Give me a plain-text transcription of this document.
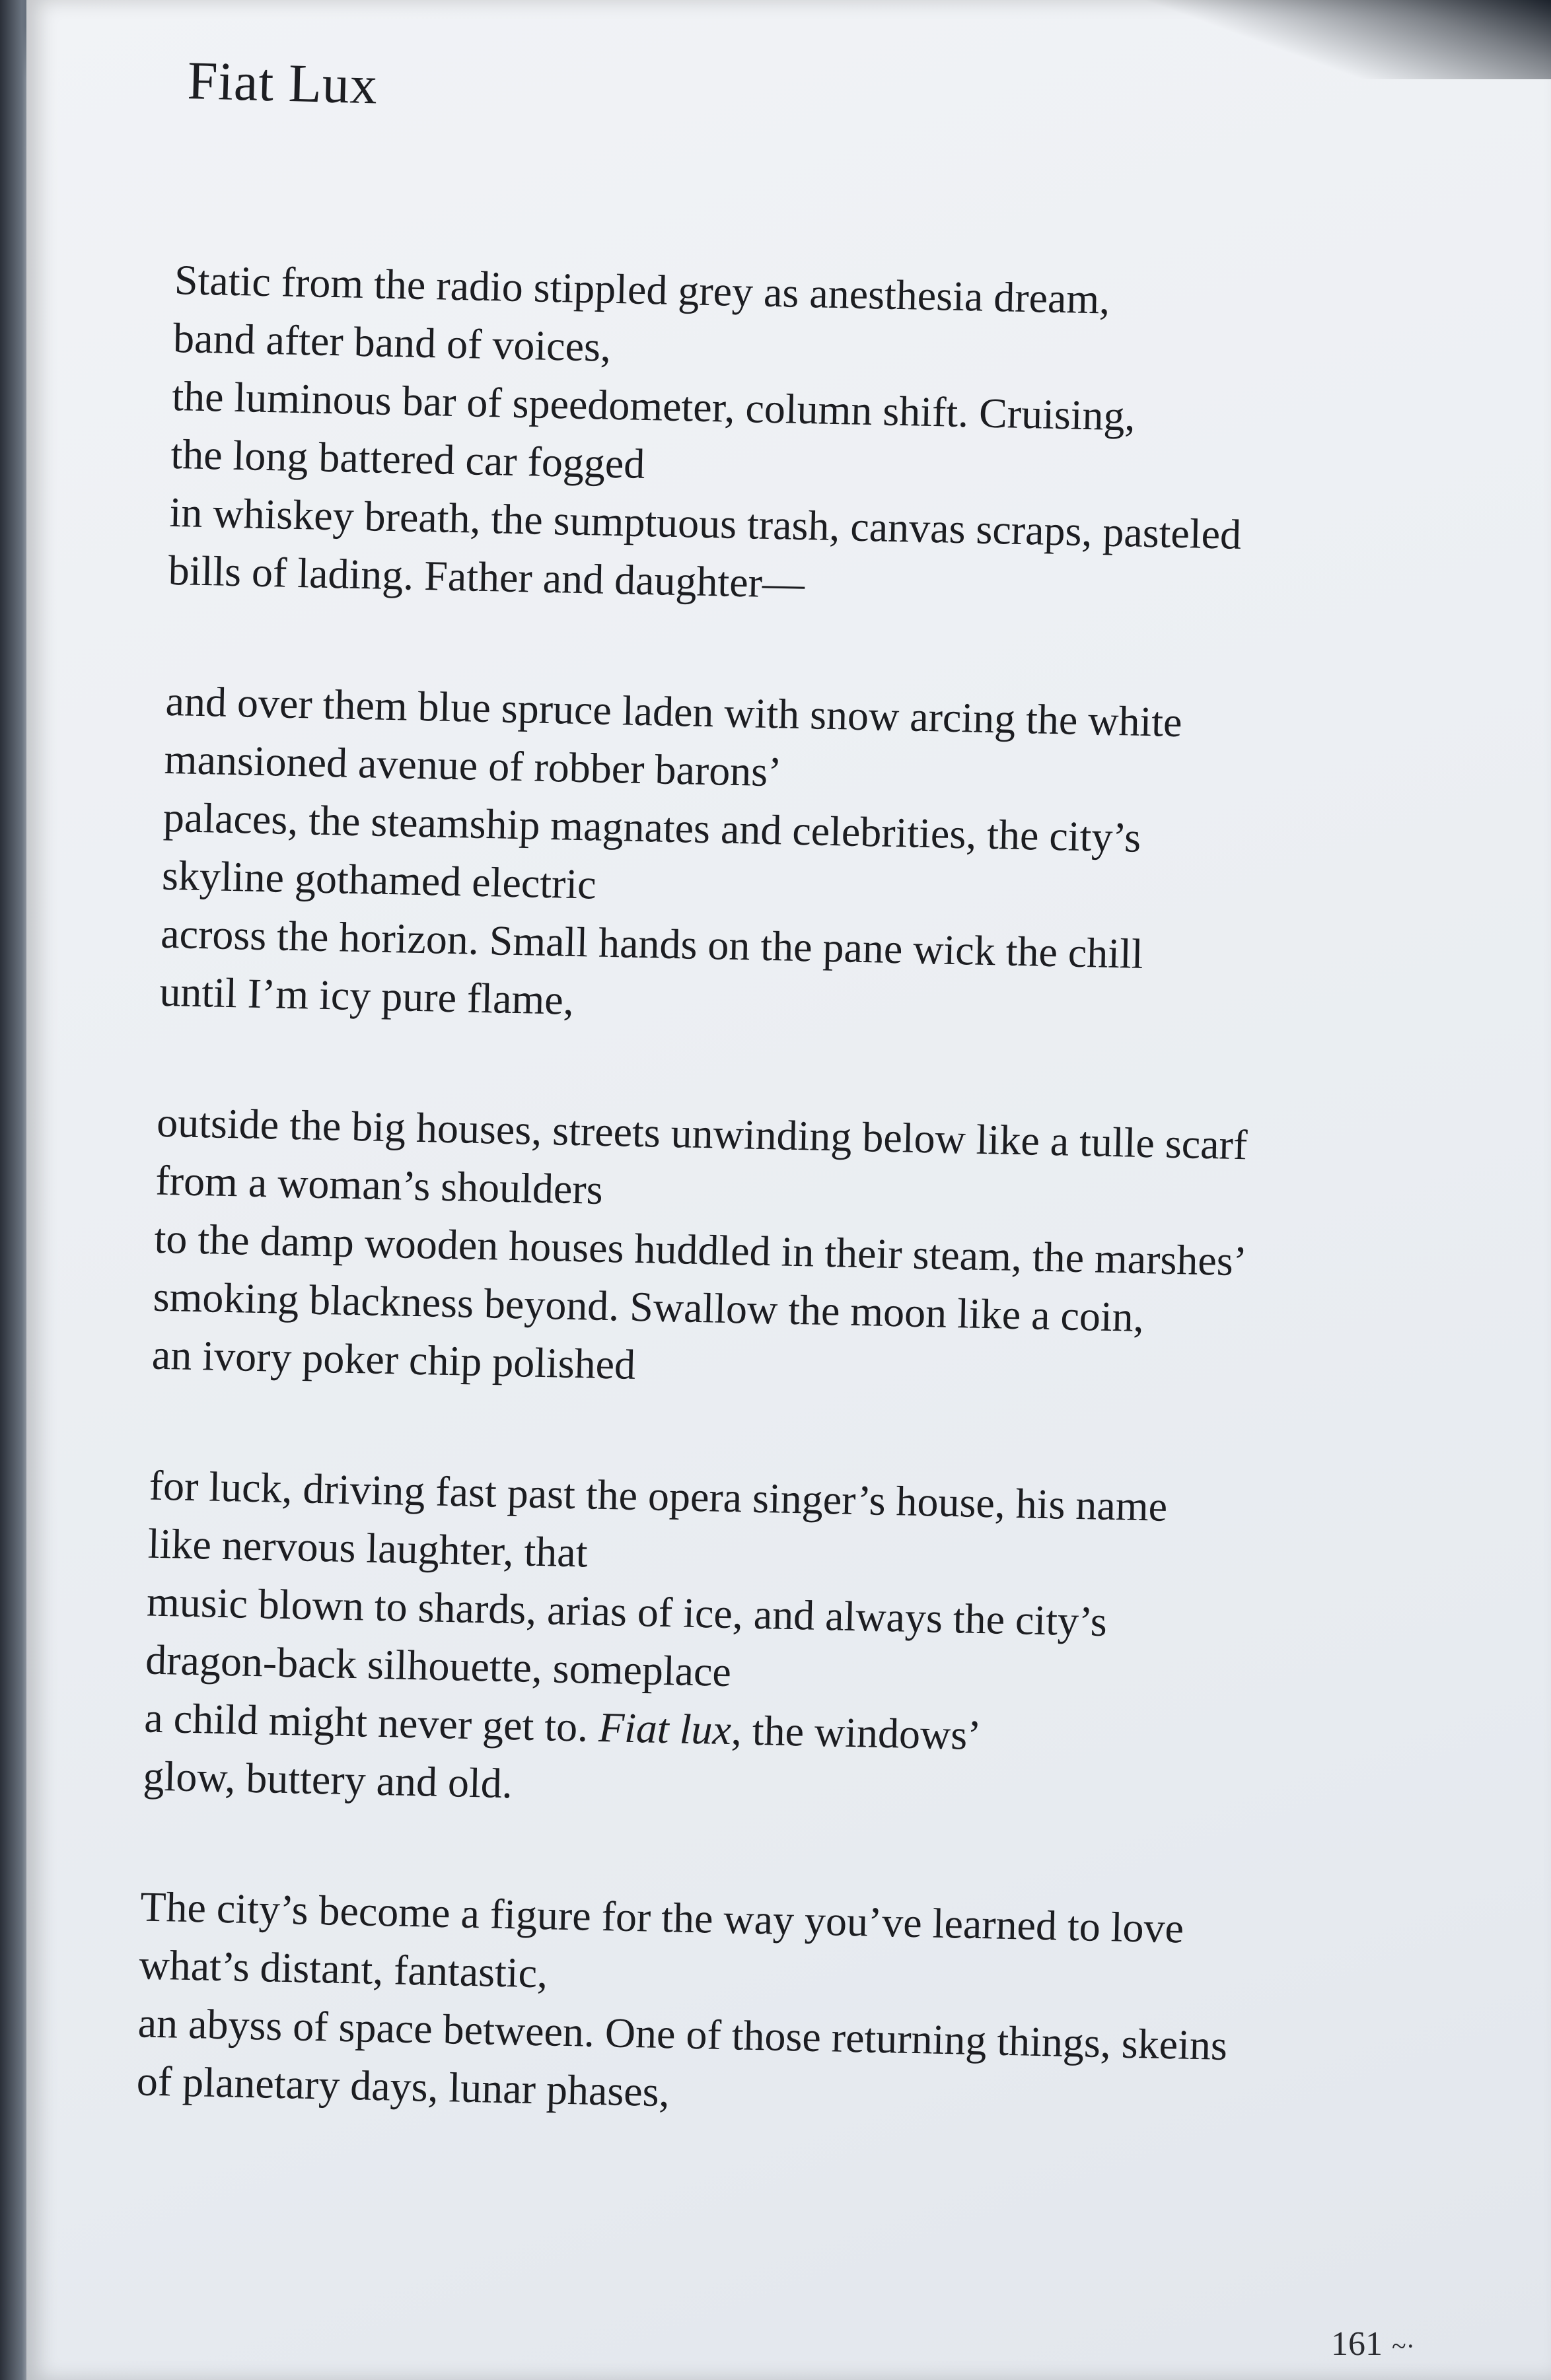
Fiat Lux
Static from the radio stippled grey as anesthesia dream,
band after band of voices,
the luminous bar of speedometer, column shift. Cruising,
the long battered car fogged
in whiskey breath, the sumptuous trash, canvas scraps, pasteled
bills of lading. Father and daughter—
and over them blue spruce laden with snow arcing the white
mansioned avenue of robber barons’
palaces, the steamship magnates and celebrities, the city’s
skyline gothamed electric
across the horizon. Small hands on the pane wick the chill
until I’m icy pure flame,
outside the big houses, streets unwinding below like a tulle scarf
from a woman’s shoulders
to the damp wooden houses huddled in their steam, the marshes’
smoking blackness beyond. Swallow the moon like a coin,
an ivory poker chip polished
for luck, driving fast past the opera singer’s house, his name
like nervous laughter, that
music blown to shards, arias of ice, and always the city’s
dragon-back silhouette, someplace
a child might never get to. Fiat lux, the windows’
glow, buttery and old.
The city’s become a figure for the way you’ve learned to love
what’s distant, fantastic,
an abyss of space between. One of those returning things, skeins
of planetary days, lunar phases,
161 ~·
